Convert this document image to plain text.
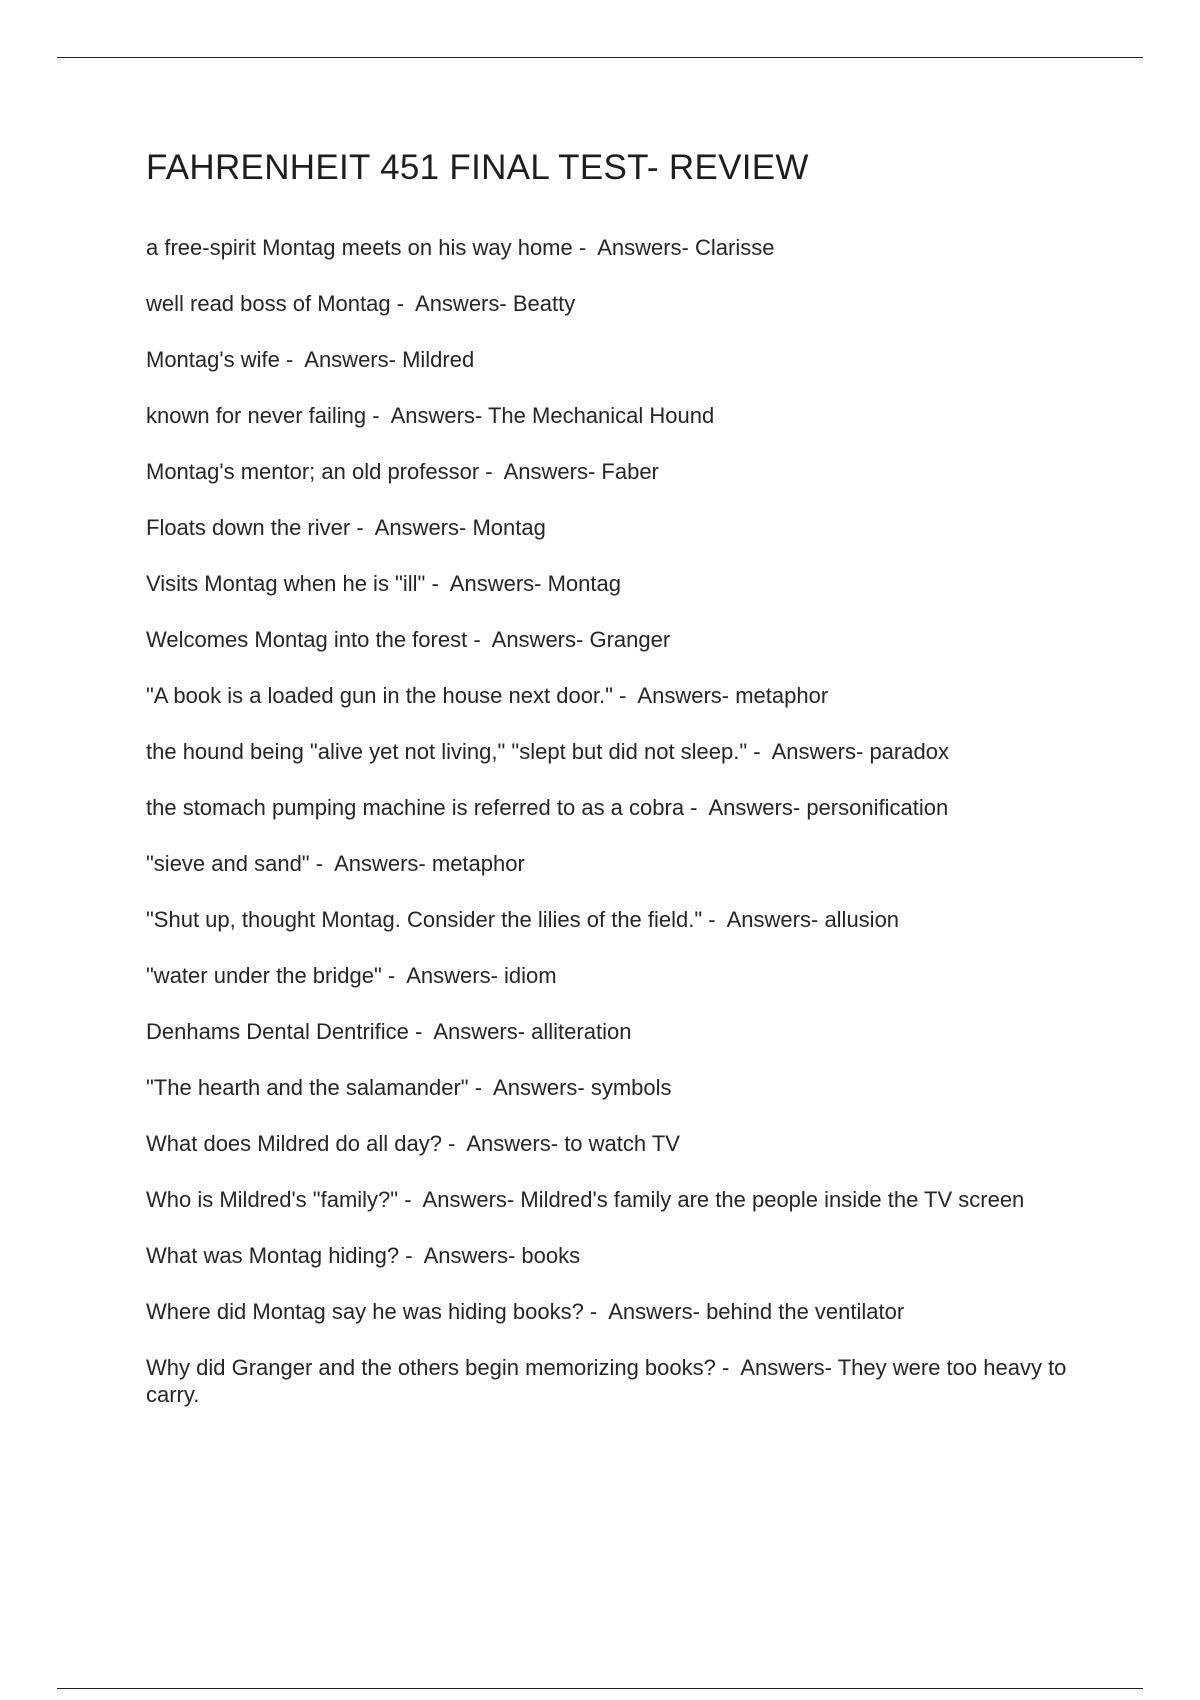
FAHRENHEIT 451 FINAL TEST- REVIEW
a free-spirit Montag meets on his way home -  Answers- Clarisse
well read boss of Montag -  Answers- Beatty
Montag's wife -  Answers- Mildred
known for never failing -  Answers- The Mechanical Hound
Montag's mentor; an old professor -  Answers- Faber
Floats down the river -  Answers- Montag
Visits Montag when he is "ill" -  Answers- Montag
Welcomes Montag into the forest -  Answers- Granger
"A book is a loaded gun in the house next door." -  Answers- metaphor
the hound being "alive yet not living," "slept but did not sleep." -  Answers- paradox
the stomach pumping machine is referred to as a cobra -  Answers- personification
"sieve and sand" -  Answers- metaphor
"Shut up, thought Montag. Consider the lilies of the field." -  Answers- allusion
"water under the bridge" -  Answers- idiom
Denhams Dental Dentrifice -  Answers- alliteration
"The hearth and the salamander" -  Answers- symbols
What does Mildred do all day? -  Answers- to watch TV
Who is Mildred's "family?" -  Answers- Mildred's family are the people inside the TV screen
What was Montag hiding? -  Answers- books
Where did Montag say he was hiding books? -  Answers- behind the ventilator
Why did Granger and the others begin memorizing books? -  Answers- They were too heavy to carry.
